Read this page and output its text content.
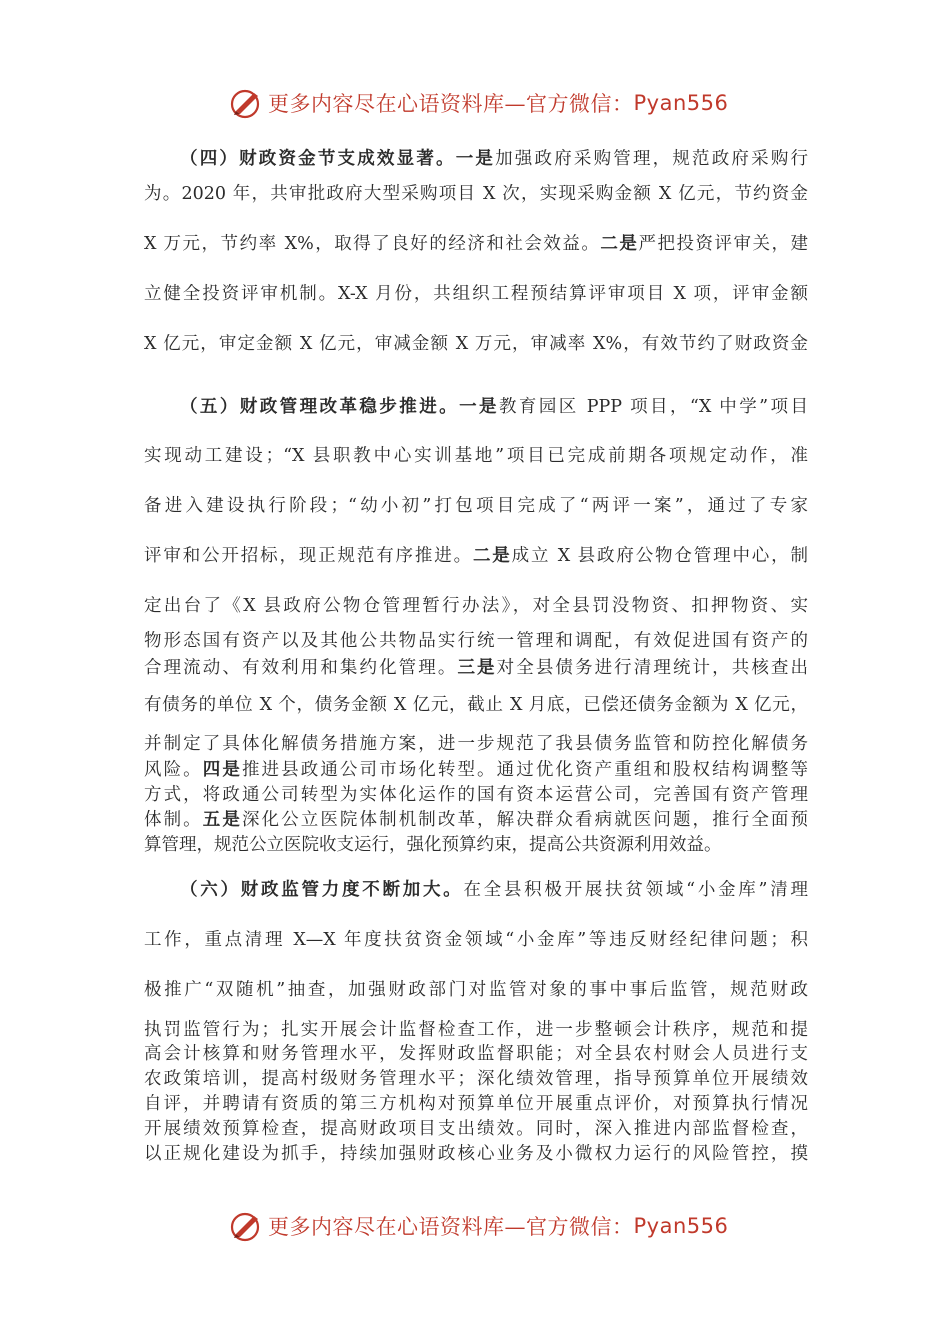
更多内容尽在心语资料库—官方微信： Pyan556
（四）财政资金节支成效显著。一是加强政府采购管理，规范政府采购行
为。2020 年，共审批政府大型采购项目 X 次，实现采购金额 X 亿元，节约资金
X 万元，节约率 X%，取得了良好的经济和社会效益。二是严把投资评审关，建
立健全投资评审机制。X-X 月份，共组织工程预结算评审项目 X 项，评审金额
X 亿元，审定金额 X 亿元，审减金额 X 万元，审减率 X%，有效节约了财政资金
（五）财政管理改革稳步推进。一是教育园区 PPP 项目，“X 中学”项目
实现动工建设；“X 县职教中心实训基地”项目已完成前期各项规定动作，准
备进入建设执行阶段；“幼小初”打包项目完成了“两评一案”，通过了专家
评审和公开招标，现正规范有序推进。二是成立 X 县政府公物仓管理中心，制
定出台了《X 县政府公物仓管理暂行办法》，对全县罚没物资、扣押物资、实
物形态国有资产以及其他公共物品实行统一管理和调配，有效促进国有资产的
合理流动、有效利用和集约化管理。三是对全县债务进行清理统计，共核查出
有债务的单位 X 个，债务金额 X 亿元，截止 X 月底，已偿还债务金额为 X 亿元，
并制定了具体化解债务措施方案，进一步规范了我县债务监管和防控化解债务
风险。四是推进县政通公司市场化转型。通过优化资产重组和股权结构调整等
方式，将政通公司转型为实体化运作的国有资本运营公司，完善国有资产管理
体制。五是深化公立医院体制机制改革，解决群众看病就医问题，推行全面预
算管理，规范公立医院收支运行，强化预算约束，提高公共资源利用效益。
（六）财政监管力度不断加大。在全县积极开展扶贫领域“小金库”清理
工作，重点清理 X—X 年度扶贫资金领域“小金库”等违反财经纪律问题；积
极推广“双随机”抽查，加强财政部门对监管对象的事中事后监管，规范财政
执罚监管行为；扎实开展会计监督检查工作，进一步整顿会计秩序，规范和提
高会计核算和财务管理水平，发挥财政监督职能；对全县农村财会人员进行支
农政策培训，提高村级财务管理水平；深化绩效管理，指导预算单位开展绩效
自评，并聘请有资质的第三方机构对预算单位开展重点评价，对预算执行情况
开展绩效预算检查，提高财政项目支出绩效。同时，深入推进内部监督检查，
以正规化建设为抓手，持续加强财政核心业务及小微权力运行的风险管控，摸
更多内容尽在心语资料库—官方微信： Pyan556
